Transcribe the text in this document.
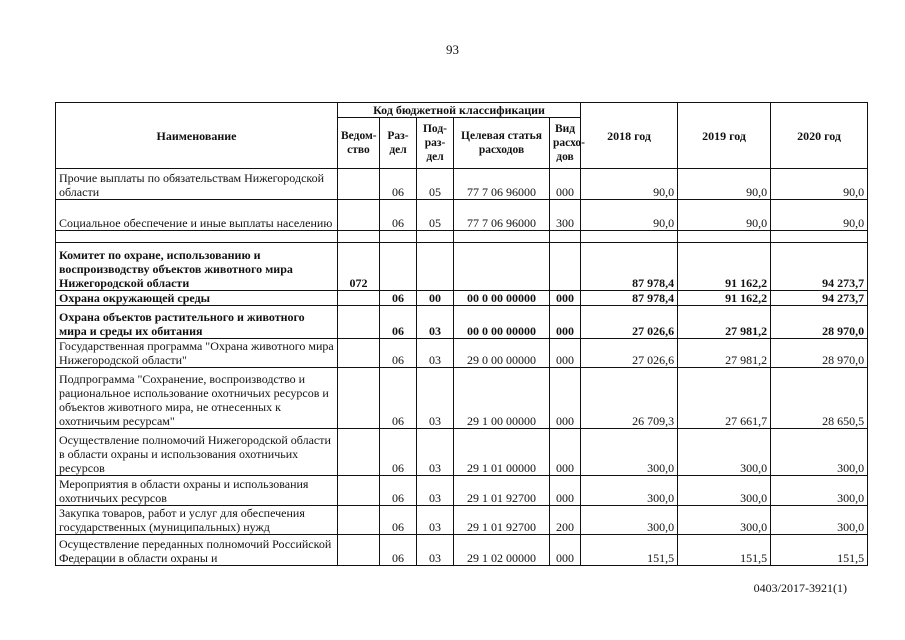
93
Наименование	Код бюджетной классификации					2018 год	2019 год	2020 год
	Ведом-ство	Раз-дел	Под-раз-дел	Целевая статья расходов	Вид расхо-дов			
Прочие выплаты по обязательствам Нижегородской области		06	05	77 7 06 96000	000	90,0	90,0	90,0
Социальное обеспечение и иные выплаты населению		06	05	77 7 06 96000	300	90,0	90,0	90,0

Комитет по охране, использованию и воспроизводству объектов животного мира Нижегородской области	072					87 978,4	91 162,2	94 273,7
Охрана окружающей среды		06	00	00 0 00 00000	000	87 978,4	91 162,2	94 273,7
Охрана объектов растительного и животного мира и среды их обитания		06	03	00 0 00 00000	000	27 026,6	27 981,2	28 970,0
Государственная программа "Охрана животного мира Нижегородской области"		06	03	29 0 00 00000	000	27 026,6	27 981,2	28 970,0
Подпрограмма "Сохранение, воспроизводство и рациональное использование охотничьих ресурсов и объектов животного мира, не отнесенных к охотничьим ресурсам"		06	03	29 1 00 00000	000	26 709,3	27 661,7	28 650,5
Осуществление полномочий Нижегородской области в области охраны и использования охотничьих ресурсов		06	03	29 1 01 00000	000	300,0	300,0	300,0
Мероприятия в области охраны и использования охотничьих ресурсов		06	03	29 1 01 92700	000	300,0	300,0	300,0
Закупка товаров, работ и услуг для обеспечения государственных (муниципальных) нужд		06	03	29 1 01 92700	200	300,0	300,0	300,0
Осуществление переданных полномочий Российской Федерации в области охраны и		06	03	29 1 02 00000	000	151,5	151,5	151,5
0403/2017-3921(1)
